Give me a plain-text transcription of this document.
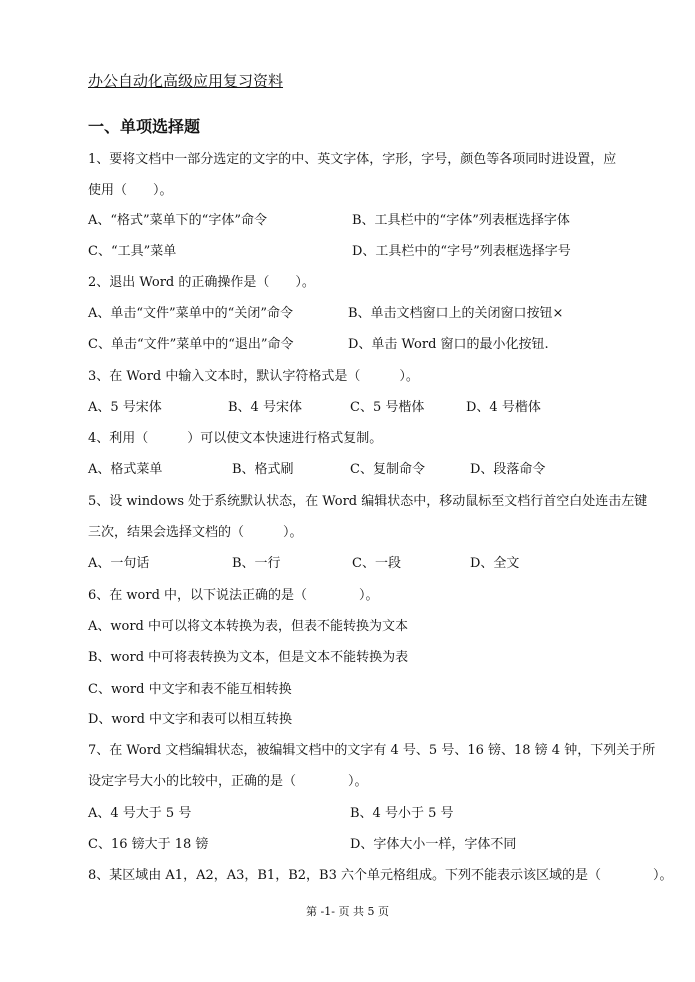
办公自动化高级应用复习资料
一、单项选择题
1、要将文档中一部分选定的文字的中、英文字体，字形，字号，颜色等各项同时进设置，应
使用（　　）。
A、“格式”菜单下的“字体”命令	B、工具栏中的“字体”列表框选择字体
C、“工具”菜单	D、工具栏中的“字号”列表框选择字号
2、退出 Word 的正确操作是（　　）。
A、单击“文件”菜单中的“关闭”命令	B、单击文档窗口上的关闭窗口按钮×
C、单击“文件”菜单中的“退出”命令	D、单击 Word 窗口的最小化按钮.
3、在 Word 中输入文本时，默认字符格式是（　　　）。
A、5 号宋体	B、4 号宋体	C、5 号楷体	D、4 号楷体
4、利用（　　　）可以使文本快速进行格式复制。
A、格式菜单	B、格式刷	C、复制命令	D、段落命令
5、设 windows 处于系统默认状态，在 Word 编辑状态中，移动鼠标至文档行首空白处连击左键
三次，结果会选择文档的（　　　）。
A、一句话	B、一行	C、一段	D、全文
6、在 word 中，以下说法正确的是（　　　　）。
A、word 中可以将文本转换为表，但表不能转换为文本
B、word 中可将表转换为文本，但是文本不能转换为表
C、word 中文字和表不能互相转换
D、word 中文字和表可以相互转换
7、在 Word 文档编辑状态，被编辑文档中的文字有 4 号、5 号、16 镑、18 镑 4 钟，下列关于所
设定字号大小的比较中，正确的是（　　　　）。
A、4 号大于 5 号	B、4 号小于 5 号
C、16 镑大于 18 镑	D、字体大小一样，字体不同
8、某区域由 A1，A2，A3，B1，B2，B3 六个单元格组成。下列不能表示该区域的是（　　　　）。
第 -1- 页 共 5 页
